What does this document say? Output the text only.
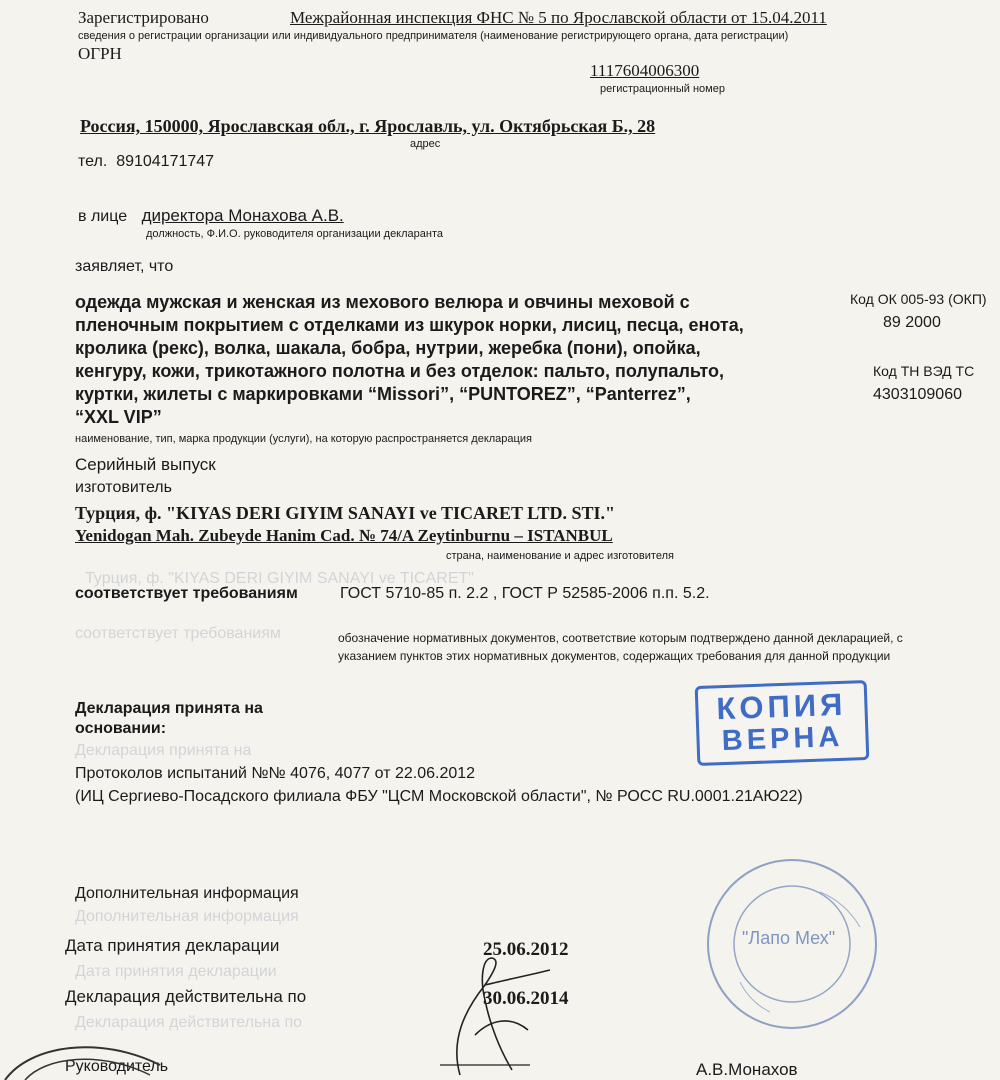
Турция, ф. "KIYAS DERI GIYIM SANAYI ve TICARET"
соответствует требованиям
Декларация принята на
Дополнительная информация
Дата принятия декларации
Декларация действительна по
Зарегистрировано	Межрайонная инспекция ФНС № 5 по Ярославской области от 15.04.2011
сведения о регистрации организации или индивидуального предпринимателя (наименование регистрирующего органа, дата регистрации)
ОГРН
1117604006300
регистрационный номер
Россия, 150000, Ярославская обл., г. Ярославль, ул. Октябрьская Б., 28
адрес
тел. 89104171747
в лице директора Монахова А.В.
должность, Ф.И.О. руководителя организации декларанта
заявляет, что
одежда мужская и женская из мехового велюра и овчины меховой с
пленочным покрытием с отделками из шкурок норки, лисиц, песца, енота,
кролика (рекс), волка, шакала, бобра, нутрии, жеребка (пони), опойка,
кенгуру, кожи, трикотажного полотна и без отделок: пальто, полупальто,
куртки, жилеты с маркировками “Missori”, “PUNTOREZ”, “Panterrez”,
“XXL VIP”
наименование, тип, марка продукции (услуги), на которую распространяется декларация
Код ОК 005-93 (ОКП)
89 2000
Код ТН ВЭД ТС
4303109060
Серийный выпуск
изготовитель
Турция, ф. "KIYAS DERI GIYIM SANAYI ve TICARET LTD. STI."
Yenidogan Mah. Zubeyde Hanim Cad. № 74/A Zeytinburnu – ISTANBUL
страна, наименование и адрес изготовителя
соответствует требованиям	ГОСТ 5710-85 п. 2.2 , ГОСТ Р 52585-2006 п.п. 5.2.
обозначение нормативных документов, соответствие которым подтверждено данной декларацией, с
указанием пунктов этих нормативных документов, содержащих требования для данной продукции
Декларация принята на
основании:
Протоколов испытаний №№ 4076, 4077 от 22.06.2012
(ИЦ Сергиево-Посадского филиала ФБУ "ЦСМ Московской области", № РОСС RU.0001.21АЮ22)
КОПИЯ
ВЕРНА
"Лапо Мех"
Дополнительная информация
Дата принятия декларации	25.06.2012
Декларация действительна по	30.06.2014
Руководитель	А.В.Монахов
